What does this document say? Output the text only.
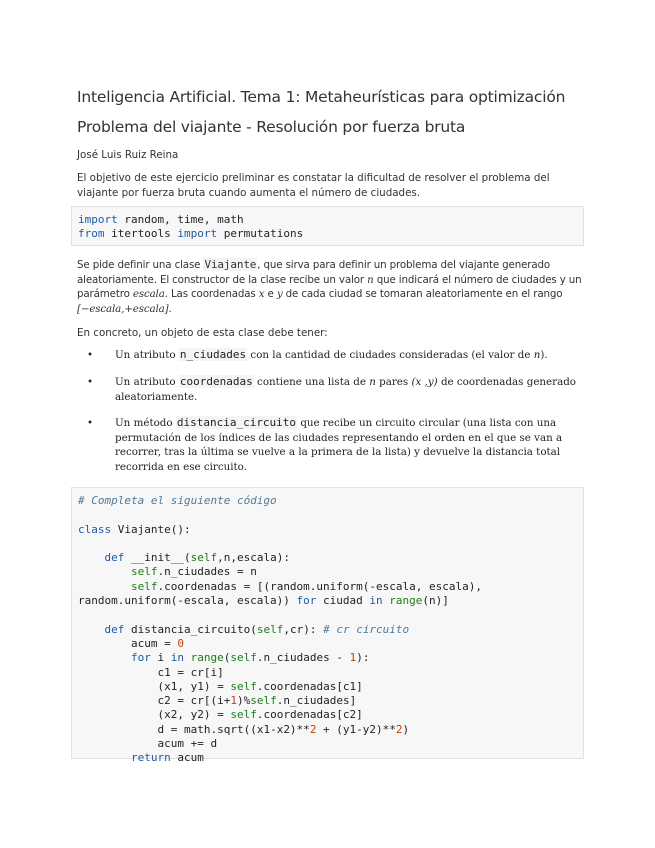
Inteligencia Artificial. Tema 1: Metaheurísticas para optimización
Problema del viajante - Resolución por fuerza bruta
José Luis Ruiz Reina
El objetivo de este ejercicio preliminar es constatar la dificultad de resolver el problema del viajante por fuerza bruta cuando aumenta el número de ciudades.
import random, time, math
from itertools import permutations
Se pide definir una clase Viajante, que sirva para definir un problema del viajante generado aleatoriamente. El constructor de la clase recibe un valor n que indicará el número de ciudades y un parámetro escala. Las coordenadas x e y de cada ciudad se tomaran aleatoriamente en el rango [−escala,+escala].
En concreto, un objeto de esta clase debe tener:
• Un atributo n_ciudades con la cantidad de ciudades consideradas (el valor de n).
• Un atributo coordenadas contiene una lista de n pares (x ,y) de coordenadas generado aleatoriamente.
• Un método distancia_circuito que recibe un circuito circular (una lista con una permutación de los índices de las ciudades representando el orden en el que se van a recorrer, tras la última se vuelve a la primera de la lista) y devuelve la distancia total recorrida en ese circuito.
# Completa el siguiente código

class Viajante():

def __init__(self,n,escala):
self.n_ciudades = n
self.coordenadas = [(random.uniform(-escala, escala),
random.uniform(-escala, escala)) for ciudad in range(n)]

def distancia_circuito(self,cr): # cr circuito
acum = 0
for i in range(self.n_ciudades - 1):
c1 = cr[i]
(x1, y1) = self.coordenadas[c1]
c2 = cr[(i+1)%self.n_ciudades]
(x2, y2) = self.coordenadas[c2]
d = math.sqrt((x1-x2)**2 + (y1-y2)**2)
acum += d
return acum
